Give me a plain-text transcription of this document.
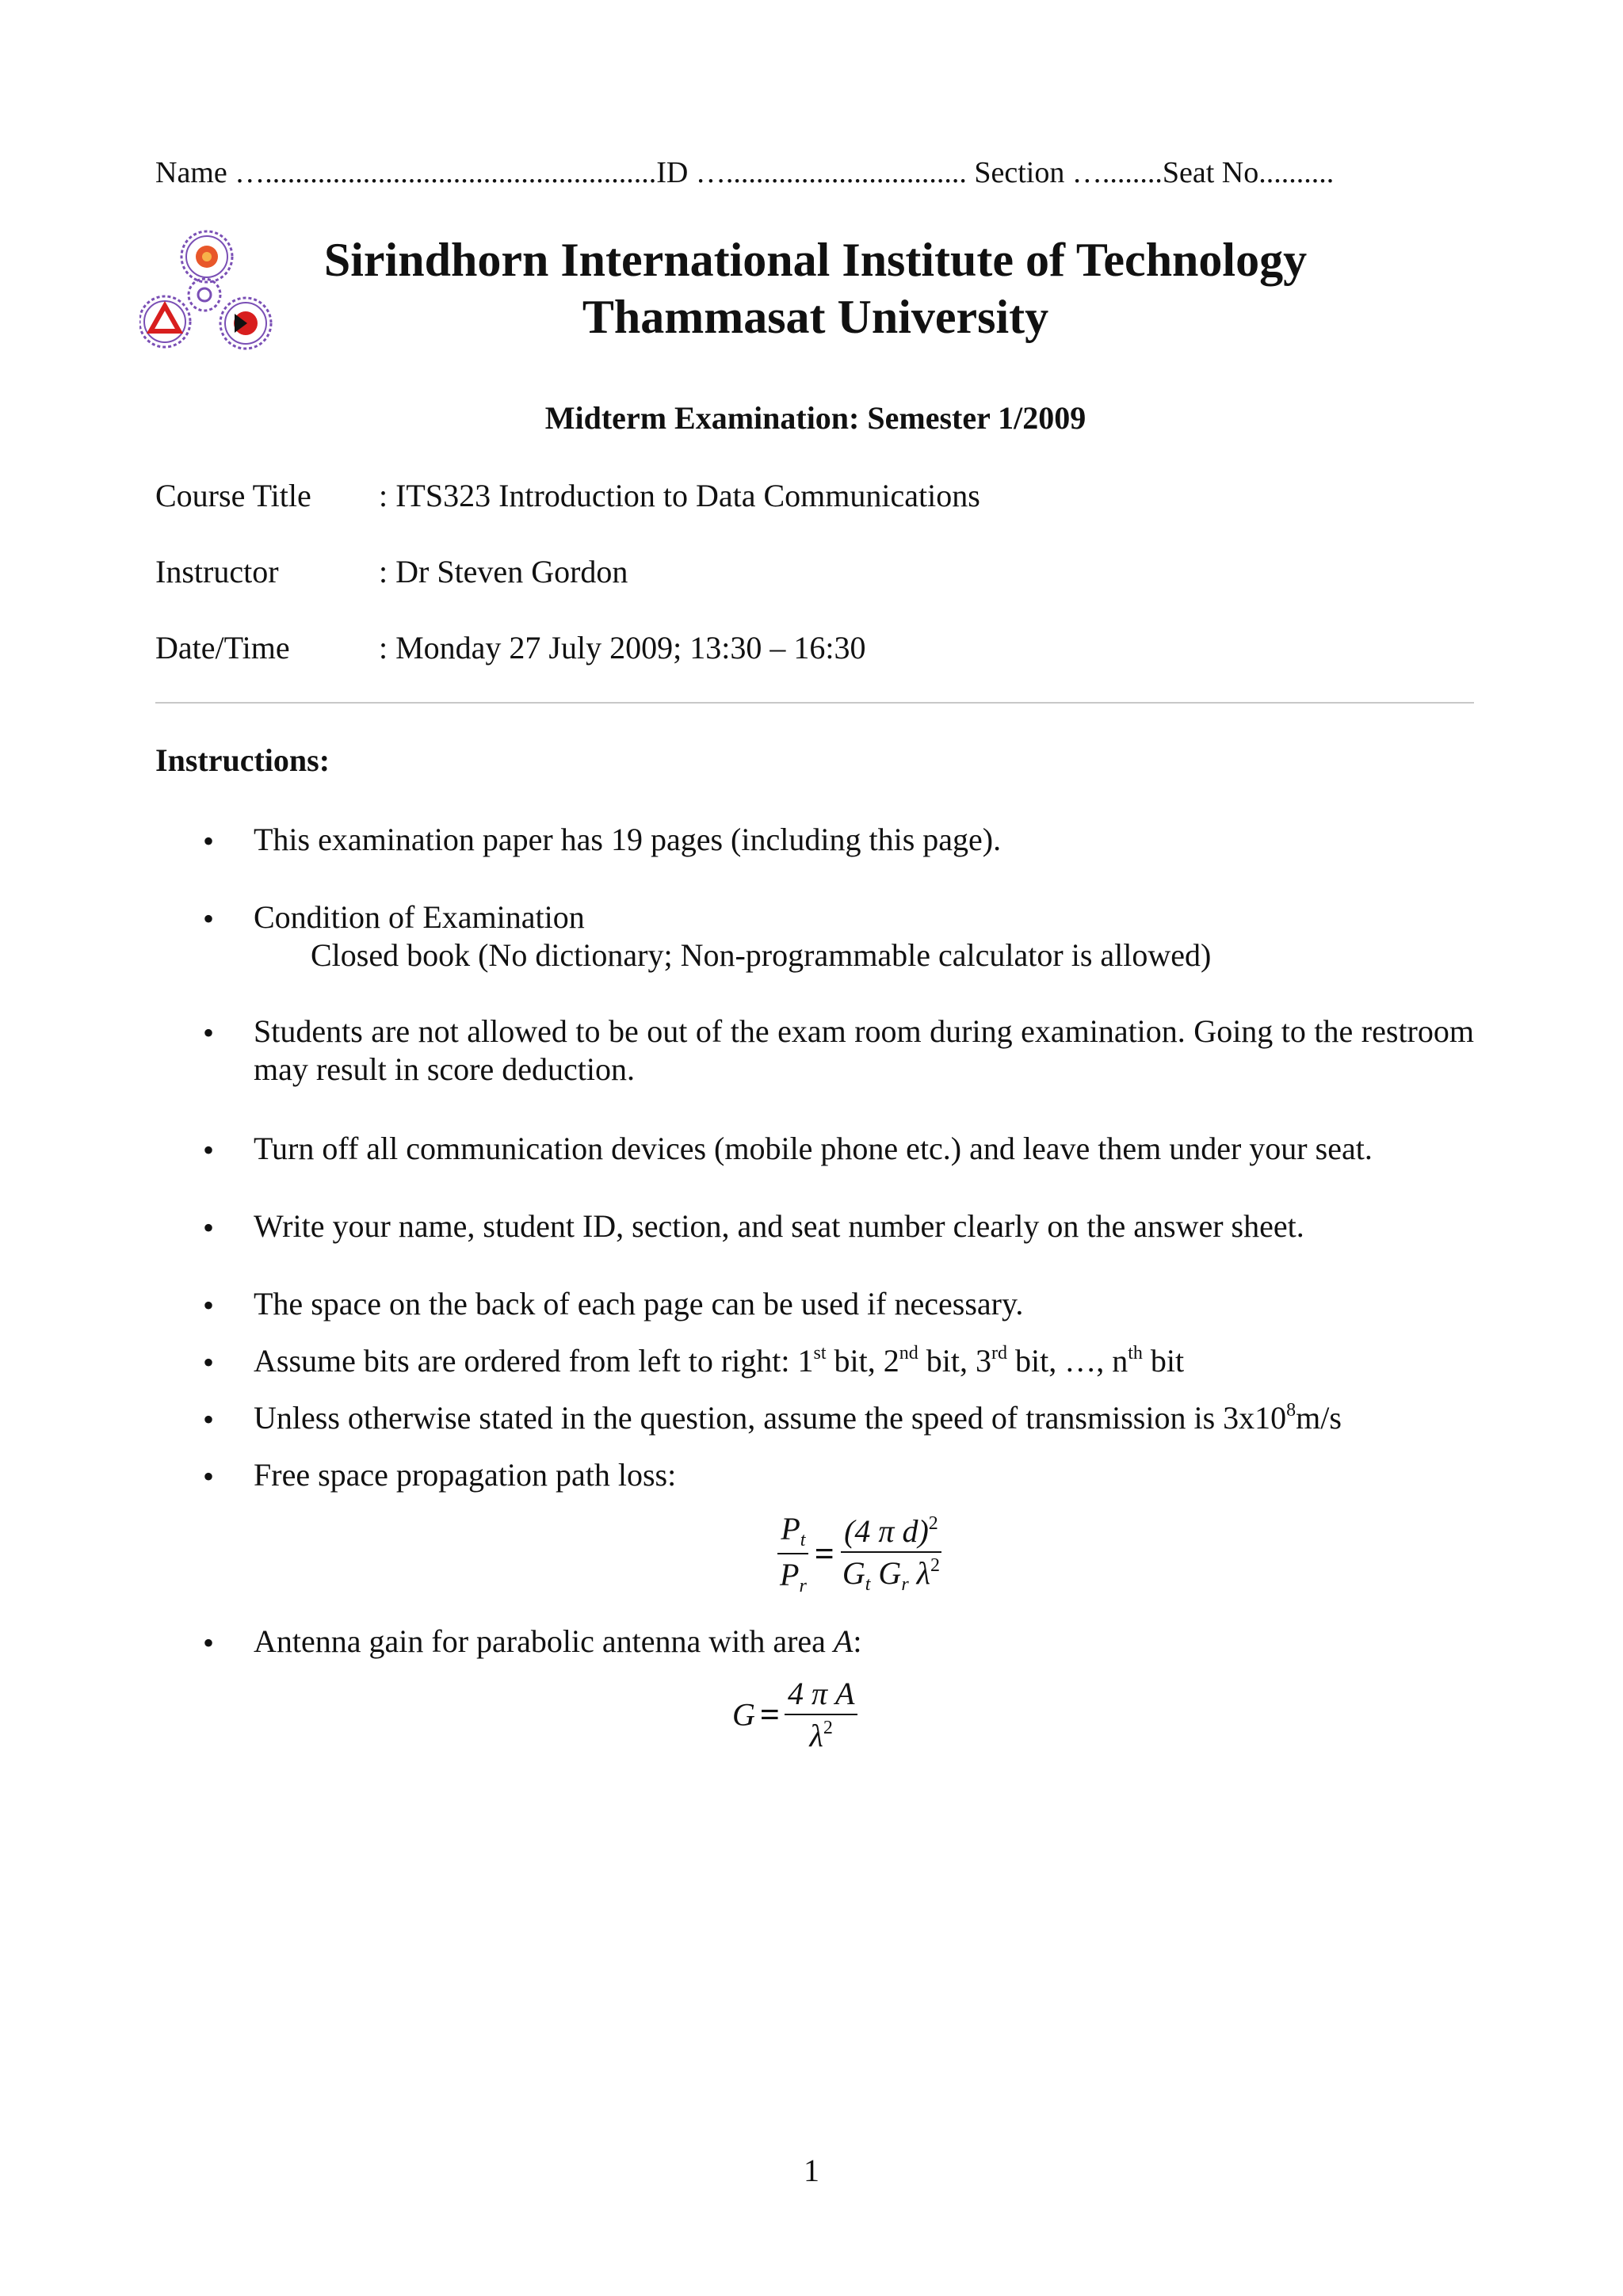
Name …....................................................ID …................................ Section …........Seat No..........
Sirindhorn International Institute of Technology
Thammasat University
Midterm Examination: Semester 1/2009
Course Title : ITS323 Introduction to Data Communications
Instructor	: Dr Steven Gordon
Date/Time	: Monday 27 July 2009; 13:30 – 16:30
Instructions:
• This examination paper has 19 pages (including this page).
• Condition of Examination
Closed book (No dictionary; Non-programmable calculator is allowed)
• Students are not allowed to be out of the exam room during examination. Going to the restroom may result in score deduction.
• Turn off all communication devices (mobile phone etc.) and leave them under your seat.
• Write your name, student ID, section, and seat number clearly on the answer sheet.
• The space on the back of each page can be used if necessary.
• Assume bits are ordered from left to right: 1st bit, 2nd bit, 3rd bit, …, $n^{th}$ bit
• Unless otherwise stated in the question, assume the speed of transmission is $3x10^8m/s$
• Free space propagation path loss:
$\frac{P_t}{P_r} = \frac{(4 \pi d)^2}{G_t G_r \lambda^2}$
• Antenna gain for parabolic antenna with area A:
$G = \frac{\text{4 π A}}{\lambda^2}$
1
